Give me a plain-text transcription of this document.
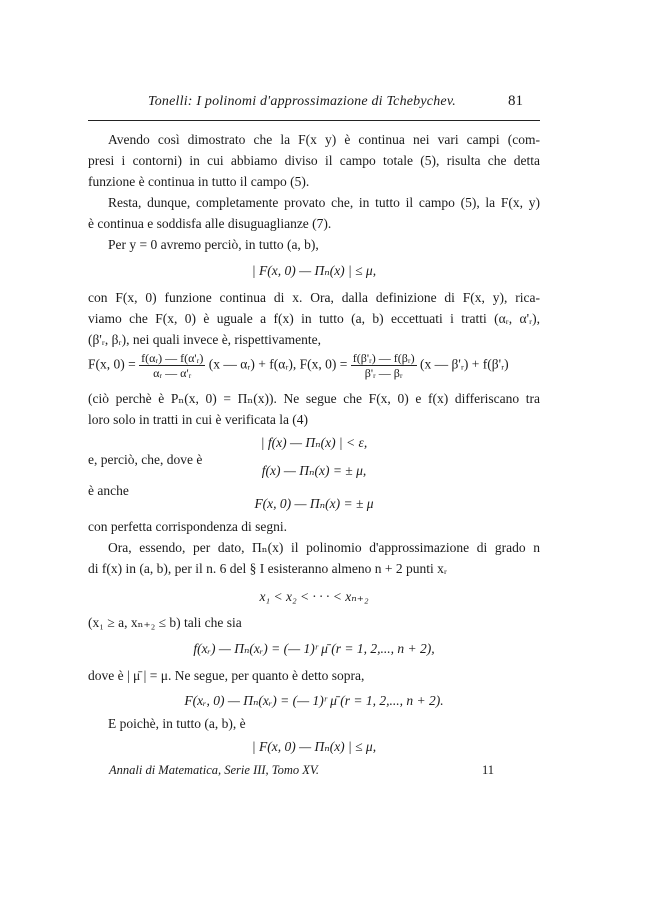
Tonelli: I polinomi d'approssimazione di Tchebychev.	81
Avendo così dimostrato che la F(x y) è continua nei vari campi (com-
presi i contorni) in cui abbiamo diviso il campo totale (5), risulta che detta
funzione è continua in tutto il campo (5).
Resta, dunque, completamente provato che, in tutto il campo (5), la F(x, y)
è continua e soddisfa alle disuguaglianze (7).
Per y = 0 avremo perciò, in tutto (a, b),
| F(x, 0) — Πₙ(x) | ≤ μ,
con F(x, 0) funzione continua di x. Ora, dalla definizione di F(x, y), rica-
viamo che F(x, 0) è uguale a f(x) in tutto (a, b) eccettuati i tratti (αᵣ, α'ᵣ),
(β'ᵣ, βᵣ), nei quali invece è, rispettivamente,
F(x, $0) = \frac{\text{f(αᵣ) — f(α'ᵣ)}}{\text{αᵣ — α'ᵣ}} (x$ — αᵣ) + f(αᵣ), F(x, $0) = \frac{\text{f(β'ᵣ) — f(βᵣ)}}{\text{β'ᵣ — βᵣ}} (x$ — β'ᵣ) + f(β'ᵣ)
(ciò perchè è Pₙ(x, 0) = Πₙ(x)). Ne segue che F(x, 0) e f(x) differiscano tra
loro solo in tratti in cui è verificata la (4)
| f(x) — Πₙ(x) | < ε,
e, perciò, che, dove è
f(x) — Πₙ(x) = ± μ,
è anche
F(x, 0) — Πₙ(x) = ± μ
con perfetta corrispondenza di segni.
Ora, essendo, per dato, Πₙ(x) il polinomio d'approssimazione di grado n
di f(x) in (a, b), per il n. 6 del § I esisteranno almeno n + 2 punti xᵣ
x₁ < x₂ < · · · < xₙ₊₂
(x₁ ≥ a, xₙ₊₂ ≤ b) tali che sia
f(xᵣ) — Πₙ(xᵣ) = (— 1)ʳ μ̄ (r = 1, 2,..., n + 2),
dove è | μ̄ | = μ. Ne segue, per quanto è detto sopra,
F(xᵣ, 0) — Πₙ(xᵣ) = (— 1)ʳ μ̄ (r = 1, 2,..., n + 2).
E poichè, in tutto (a, b), è
Annali di Matematica, Serie III, Tomo XV.	11
| F(x, 0) — Πₙ(x) | ≤ μ,
